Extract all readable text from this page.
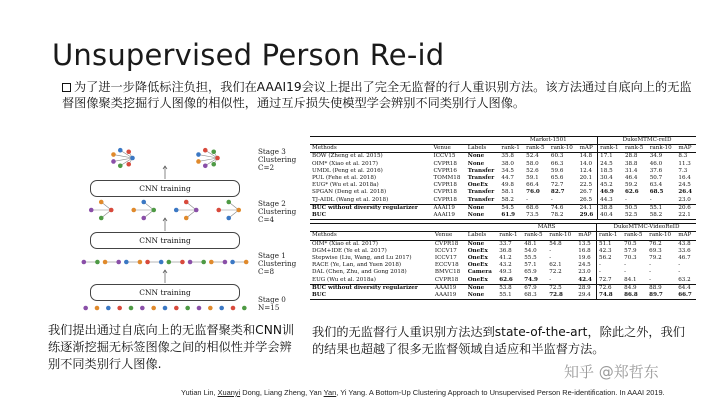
Unsupervised Person Re-id
为了进一步降低标注负担，我们在AAAI19会议上提出了完全无监督的行人重识别方法。该方法通过自底向上的无监督图像聚类挖掘行人图像的相似性，通过互斥损失使模型学会辨别不同类别行人图像。
CNN training
CNN training
CNN training
Stage 3
Clustering
C=2
Stage 2
Clustering
C=4
Stage 1
Clustering
C=8
Stage 0
N=15
			Market-1501				DukeMTMC-reID			
Methods	Venue	Labels	rank-1	rank-5	rank-10	mAP	rank-1	rank-5	rank-10	mAP
BOW (Zheng et al. 2015)	ICCV15	None	35.8	52.4	60.3	14.8	17.1	28.8	34.9	8.3
OIM* (Xiao et al. 2017)	CVPR18	None	38.0	58.0	66.3	14.0	24.5	38.8	46.0	11.3
UMDL (Peng et al. 2016)	CVPR16	Transfer	34.5	52.6	59.6	12.4	18.5	31.4	37.6	7.3
PUL (Fehe et al. 2018)	TOMM18	Transfer	44.7	59.1	65.6	20.1	30.4	46.4	50.7	16.4
EUG* (Wu et al. 2018a)	CVPR18	OneEx	49.8	66.4	72.7	22.5	45.2	59.2	63.4	24.5
SPGAN (Deng et al. 2018)	CVPR18	Transfer	58.1	76.0	82.7	26.7	46.9	62.6	68.5	26.4
TJ-AIDL (Wang et al. 2018)	CVPR18	Transfer	58.2	-	-	26.5	44.3	-	-	23.0
BUC without diversity regularizer	AAAI19	None	54.5	68.6	74.6	24.1	38.8	50.5	55.1	20.6
BUC	AAAI19	None	61.9	73.5	78.2	29.6	40.4	52.5	58.2	22.1
			MARS				DukeMTMC-VideoReID			
Methods	Venue	Labels	rank-1	rank-5	rank-10	mAP	rank-1	rank-5	rank-10	mAP
OIM* (Xiao et al. 2017)	CVPR18	None	33.7	48.1	54.8	13.5	51.1	70.5	76.2	43.8
DGM+IDE (Ye et al. 2017)	ICCV17	OneEx	36.8	54.0	-	16.8	42.3	57.9	69.3	33.6
Stepwise (Liu, Wang, and Lu 2017)	ICCV17	OneEx	41.2	55.5	-	19.6	56.2	70.3	79.2	46.7
RACE (Ye, Lan, and Yuen 2018)	ECCV18	OneEx	43.2	57.1	62.1	24.5	-	-	-	-
DAL (Chen, Zhu, and Gong 2018)	BMVC18	Camera	49.3	65.9	72.2	23.0	-	-	-	-
EUG (Wu et al. 2018a)	CVPR18	OneEx	62.6	74.9	-	42.4	72.7	84.1	-	63.2
BUC without diversity regularizer	AAAI19	None	53.8	67.9	72.5	28.9	72.6	84.9	88.9	64.4
BUC	AAAI19	None	55.1	68.3	72.8	29.4	74.8	86.8	89.7	66.7
我们提出通过自底向上的无监督聚类和CNN训练逐渐挖掘无标签图像之间的相似性并学会辨别不同类别行人图像.
我们的无监督行人重识别方法达到state-of-the-art，除此之外，我们的结果也超越了很多无监督领域自适应和半监督方法。
知乎 @郑哲东
Yutian Lin, Xuanyi Dong, Liang Zheng, Yan Yan, Yi Yang. A Bottom-Up Clustering Approach to Unsupervised Person Re-identification. In AAAI 2019.
